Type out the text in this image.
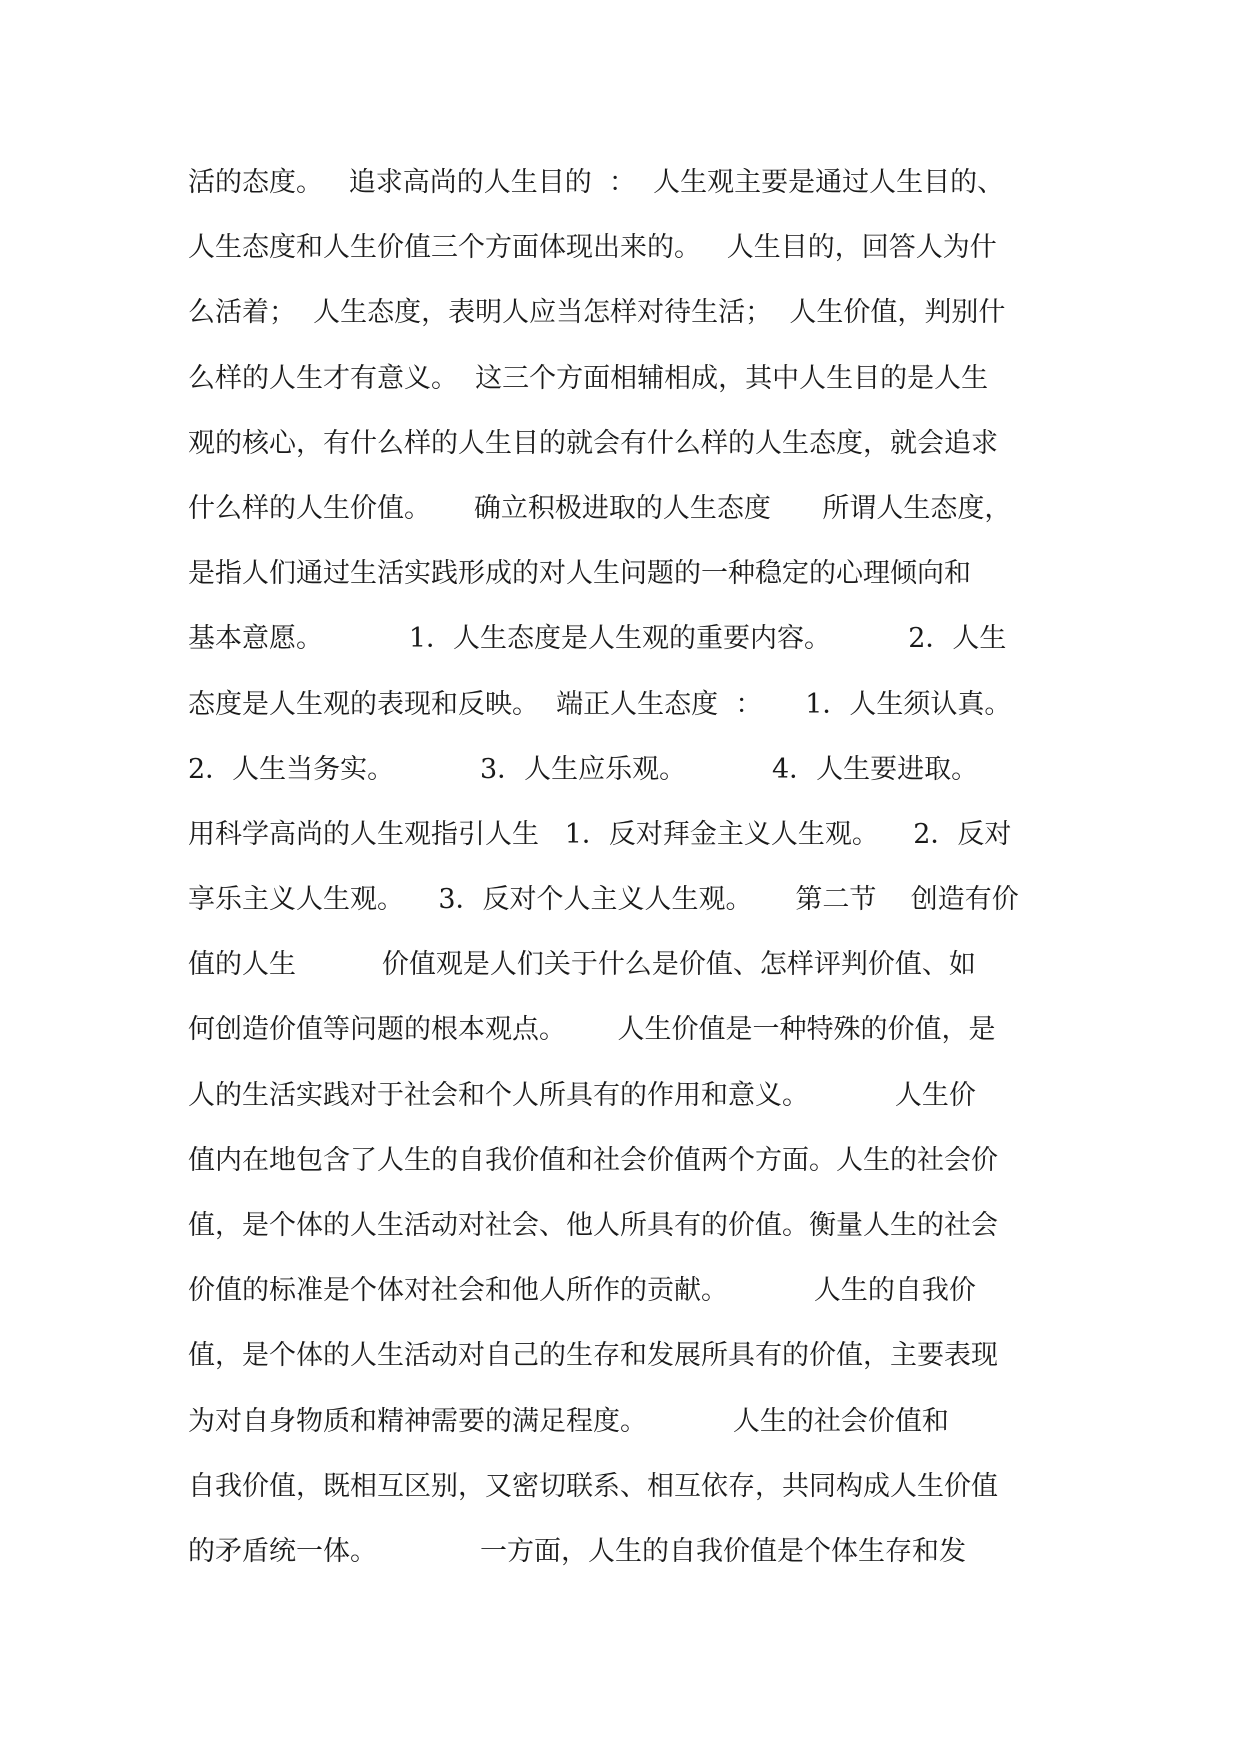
活的态度。   追求高尚的人生目的  ：  人生观主要是通过人生目的、
人生态度和人生价值三个方面体现出来的。   人生目的，回答人为什
么活着；  人生态度，表明人应当怎样对待生活；  人生价值，判别什
么样的人生才有意义。  这三个方面相辅相成，其中人生目的是人生
观的核心，有什么样的人生目的就会有什么样的人生态度，就会追求
什么样的人生价值。     确立积极进取的人生态度      所谓人生态度，
是指人们通过生活实践形成的对人生问题的一种稳定的心理倾向和
基本意愿。          1．人生态度是人生观的重要内容。         2．人生
态度是人生观的表现和反映。  端正人生态度  ：     1．人生须认真。
2．人生当务实。          3．人生应乐观。          4．人生要进取。
用科学高尚的人生观指引人生   1．反对拜金主义人生观。    2．反对
享乐主义人生观。    3．反对个人主义人生观。     第二节    创造有价
值的人生          价值观是人们关于什么是价值、怎样评判价值、如
何创造价值等问题的根本观点。      人生价值是一种特殊的价值，是
人的生活实践对于社会和个人所具有的作用和意义。          人生价
值内在地包含了人生的自我价值和社会价值两个方面。人生的社会价
值，是个体的人生活动对社会、他人所具有的价值。衡量人生的社会
价值的标准是个体对社会和他人所作的贡献。          人生的自我价
值，是个体的人生活动对自己的生存和发展所具有的价值，主要表现
为对自身物质和精神需要的满足程度。          人生的社会价值和
自我价值，既相互区别，又密切联系、相互依存，共同构成人生价值
的矛盾统一体。            一方面，人生的自我价值是个体生存和发
